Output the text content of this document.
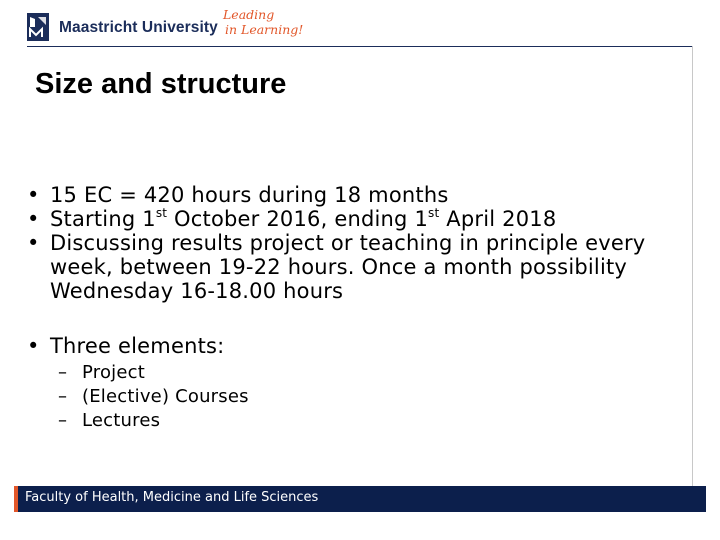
Maastricht University
Leading
in Learning!
Size and structure
• 15 EC = 420 hours during 18 months
• Starting 1st October 2016, ending 1st April 2018
• Discussing results project or teaching in principle every week, between 19-22 hours. Once a month possibility Wednesday 16-18.00 hours
• Three elements:
– Project
– (Elective) Courses
– Lectures
Faculty of Health, Medicine and Life Sciences
